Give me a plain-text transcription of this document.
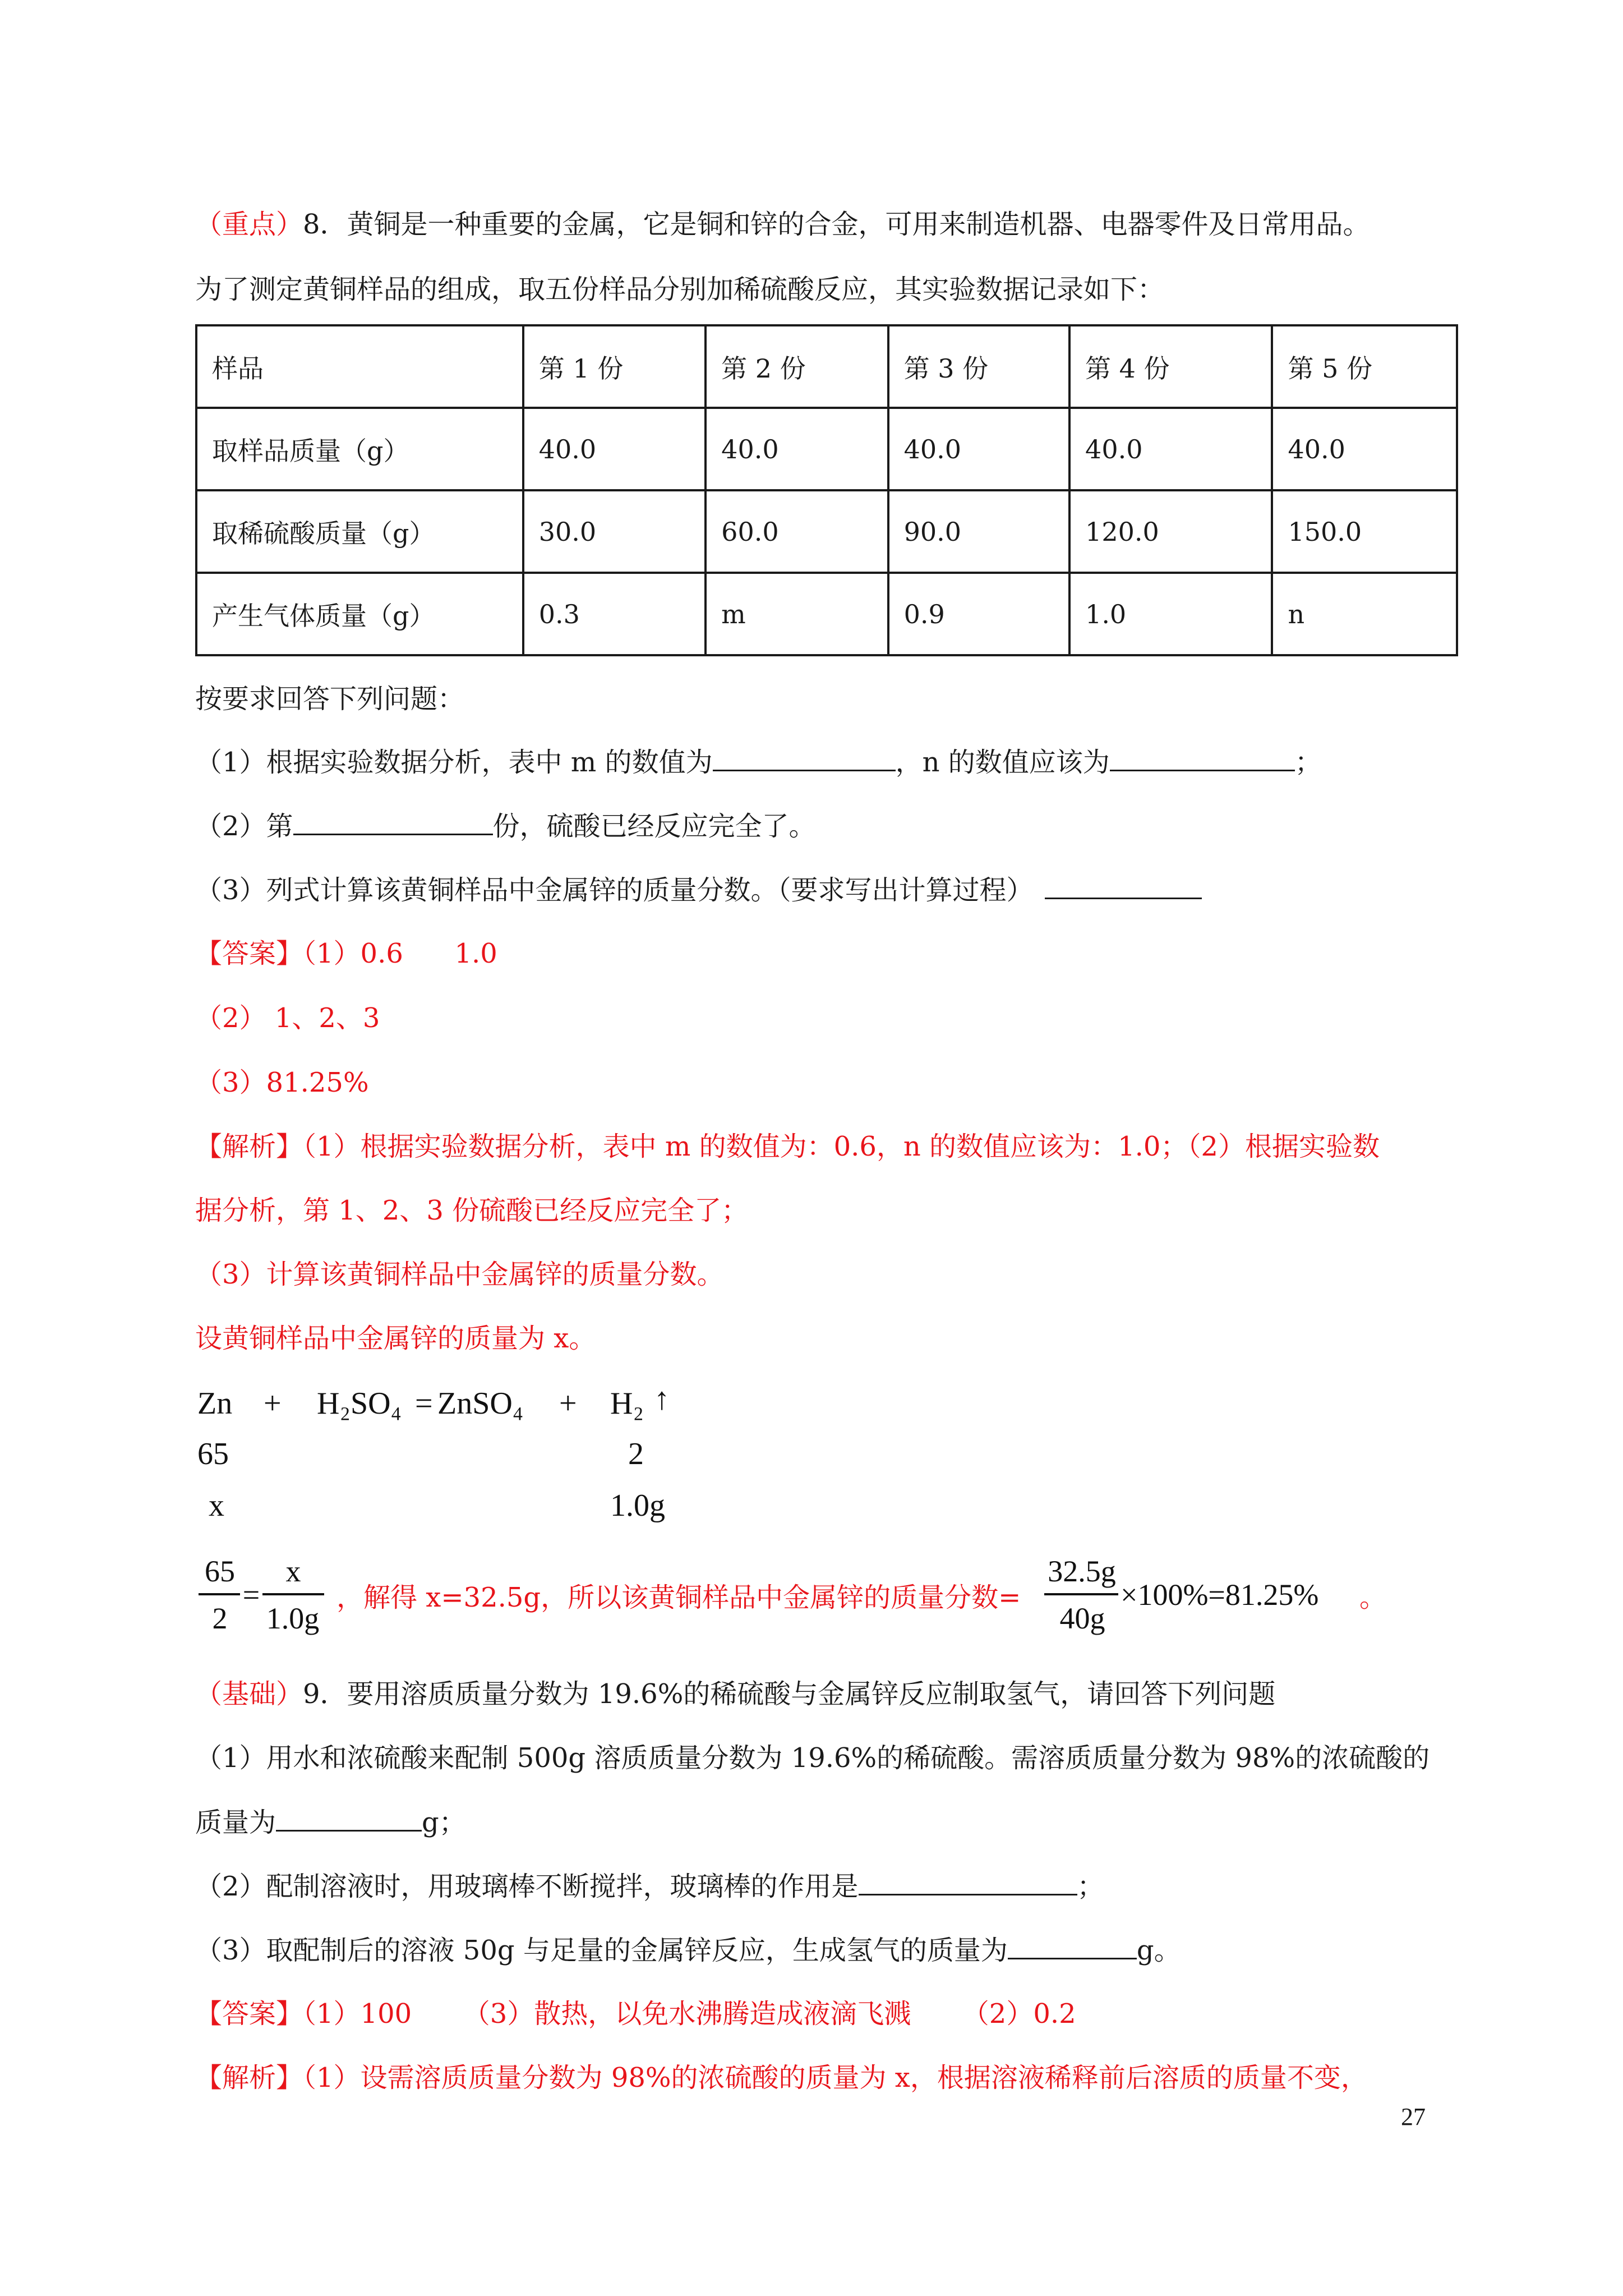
（重点）8．黄铜是一种重要的金属，它是铜和锌的合金，可用来制造机器、电器零件及日常用品。
为了测定黄铜样品的组成，取五份样品分别加稀硫酸反应，其实验数据记录如下：
样品	第 1 份	第 2 份	第 3 份	第 4 份	第 5 份
取样品质量（g）	40.0	40.0	40.0	40.0	40.0
取稀硫酸质量（g）	30.0	60.0	90.0	120.0	150.0
产生气体质量（g）	0.3	m	0.9	1.0	n
按要求回答下列问题：
（1）根据实验数据分析，表中 m 的数值为	，n 的数值应该为	；
（2）第	份，硫酸已经反应完全了。
（3）列式计算该黄铜样品中金属锌的质量分数。（要求写出计算过程）
【答案】（1）0.6      1.0
（2） 1、2、3
（3）81.25%
【解析】（1）根据实验数据分析，表中 m 的数值为：0.6，n 的数值应该为：1.0；（2）根据实验数
据分析，第 1、2、3 份硫酸已经反应完全了；
（3）计算该黄铜样品中金属锌的质量分数。
设黄铜样品中金属锌的质量为 x。
Zn + H₂SO₄ = ZnSO₄ + H₂ ↑
65	2
x	1.0g
65
2
=
x
1.0g
，解得 x=32.5g，所以该黄铜样品中金属锌的质量分数=
32.5g
40g
×100%=81.25% 。
（基础）9．要用溶质质量分数为 19.6%的稀硫酸与金属锌反应制取氢气，请回答下列问题
（1）用水和浓硫酸来配制 500g 溶质质量分数为 19.6%的稀硫酸。需溶质质量分数为 98%的浓硫酸的
质量为	g；
（2）配制溶液时，用玻璃棒不断搅拌，玻璃棒的作用是	；
（3）取配制后的溶液 50g 与足量的金属锌反应，生成氢气的质量为	g。
【答案】（1）100      （3）散热，以免水沸腾造成液滴飞溅      （2）0.2
【解析】（1）设需溶质质量分数为 98%的浓硫酸的质量为 x，根据溶液稀释前后溶质的质量不变，
27
